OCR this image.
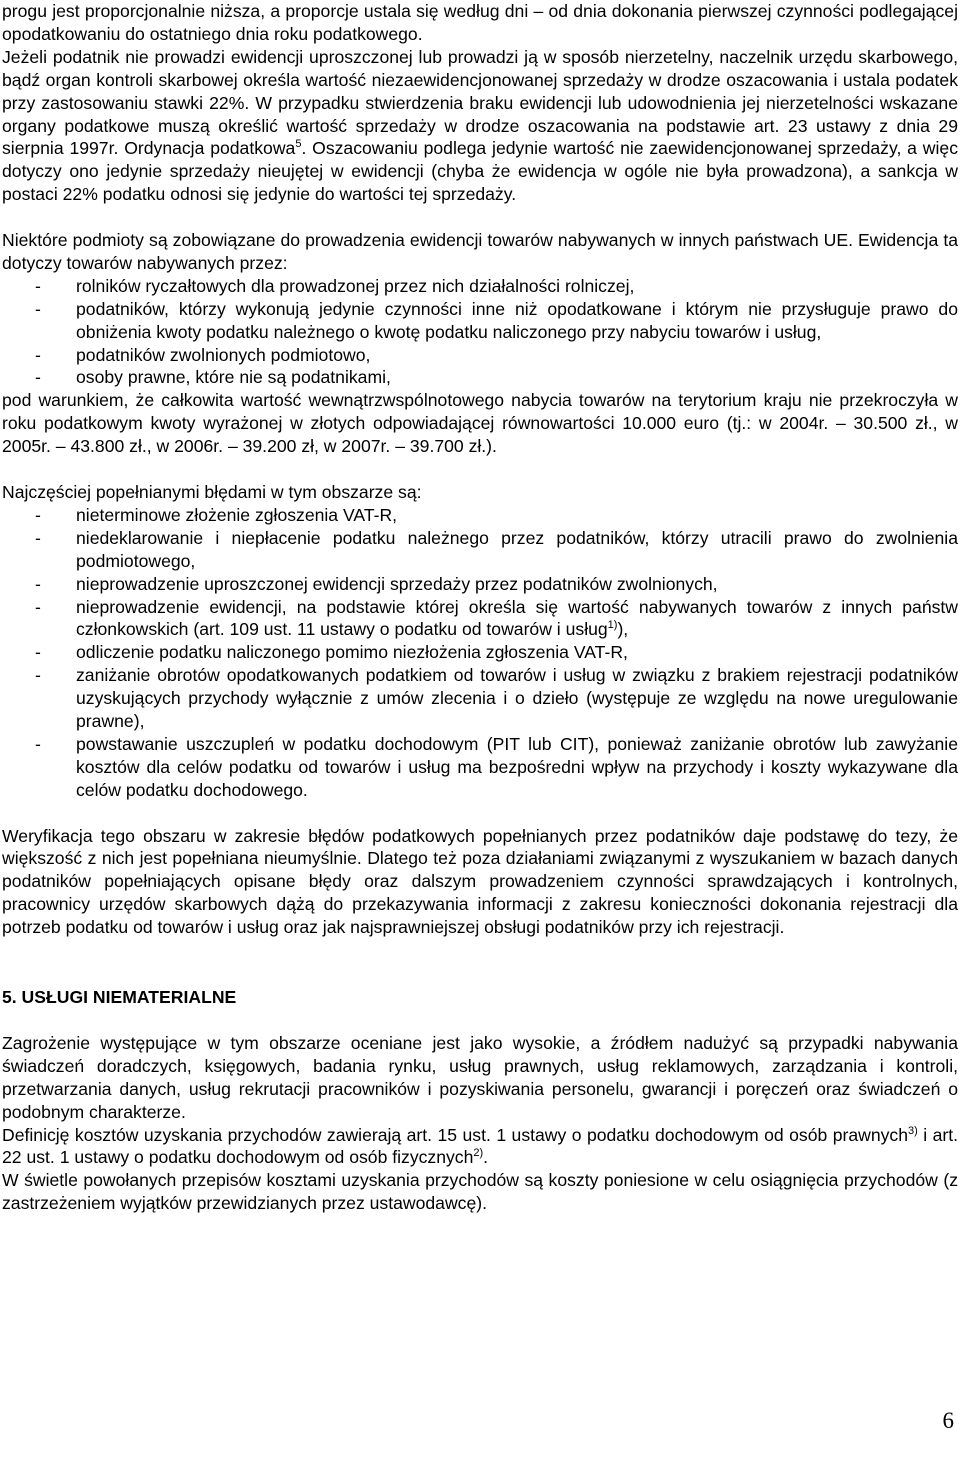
progu jest proporcjonalnie niższa, a proporcje ustala się według dni – od dnia dokonania pierwszej czynności podlegającej opodatkowaniu do ostatniego dnia roku podatkowego.

Jeżeli podatnik nie prowadzi ewidencji uproszczonej lub prowadzi ją w sposób nierzetelny, naczelnik urzędu skarbowego, bądź organ kontroli skarbowej określa wartość niezaewidencjonowanej sprzedaży w drodze oszacowania i ustala podatek przy zastosowaniu stawki 22%. W przypadku stwierdzenia braku ewidencji lub udowodnienia jej nierzetelności wskazane organy podatkowe muszą określić wartość sprzedaży w drodze oszacowania na podstawie art. 23 ustawy z dnia 29 sierpnia 1997r. Ordynacja podatkowa$^5$. Oszacowaniu podlega jedynie wartość nie zaewidencjonowanej sprzedaży, a więc dotyczy ono jedynie sprzedaży nieujętej w ewidencji (chyba że ewidencja w ogóle nie była prowadzona), a sankcja w postaci 22% podatku odnosi się jedynie do wartości tej sprzedaży.

Niektóre podmioty są zobowiązane do prowadzenia ewidencji towarów nabywanych w innych państwach UE. Ewidencja ta dotyczy towarów nabywanych przez:

- rolników ryczałtowych dla prowadzonej przez nich działalności rolniczej,
- podatników, którzy wykonują jedynie czynności inne niż opodatkowane i którym nie przysługuje prawo do obniżenia kwoty podatku należnego o kwotę podatku naliczonego przy nabyciu towarów i usług,
- podatników zwolnionych podmiotowo,
- osoby prawne, które nie są podatnikami,

pod warunkiem, że całkowita wartość wewnątrzwspólnotowego nabycia towarów na terytorium kraju nie przekroczyła w roku podatkowym kwoty wyrażonej w złotych odpowiadającej równowartości 10.000 euro (tj.: w 2004r. – 30.500 zł., w 2005r. – 43.800 zł., w 2006r. – 39.200 zł, w 2007r. – 39.700 zł.).

Najczęściej popełnianymi błędami w tym obszarze są:

- nieterminowe złożenie zgłoszenia VAT-R,
- niedeklarowanie i niepłacenie podatku należnego przez podatników, którzy utracili prawo do zwolnienia podmiotowego,
- nieprowadzenie uproszczonej ewidencji sprzedaży przez podatników zwolnionych,
- nieprowadzenie ewidencji, na podstawie której określa się wartość nabywanych towarów z innych państw członkowskich (art. 109 ust. 11 ustawy o podatku od towarów i usług$^{1)}$),
- odliczenie podatku naliczonego pomimo niezłożenia zgłoszenia VAT-R,
- zaniżanie obrotów opodatkowanych podatkiem od towarów i usług w związku z brakiem rejestracji podatników uzyskujących przychody wyłącznie z umów zlecenia i o dzieło (występuje ze względu na nowe uregulowanie prawne),
- powstawanie uszczupleń w podatku dochodowym (PIT lub CIT), ponieważ zaniżanie obrotów lub zawyżanie kosztów dla celów podatku od towarów i usług ma bezpośredni wpływ na przychody i koszty wykazywane dla celów podatku dochodowego.

Weryfikacja tego obszaru w zakresie błędów podatkowych popełnianych przez podatników daje podstawę do tezy, że większość z nich jest popełniana nieumyślnie. Dlatego też poza działaniami związanymi z wyszukaniem w bazach danych podatników popełniających opisane błędy oraz dalszym prowadzeniem czynności sprawdzających i kontrolnych, pracownicy urzędów skarbowych dążą do przekazywania informacji z zakresu konieczności dokonania rejestracji dla potrzeb podatku od towarów i usług oraz jak najsprawniejszej obsługi podatników przy ich rejestracji.

5. USŁUGI NIEMATERIALNE

Zagrożenie występujące w tym obszarze oceniane jest jako wysokie, a źródłem nadużyć są przypadki nabywania świadczeń doradczych, księgowych, badania rynku, usług prawnych, usług reklamowych, zarządzania i kontroli, przetwarzania danych, usług rekrutacji pracowników i pozyskiwania personelu, gwarancji i poręczeń oraz świadczeń o podobnym charakterze.

Definicję kosztów uzyskania przychodów zawierają art. 15 ust. 1 ustawy o podatku dochodowym od osób prawnych$^{3)}$ i art. 22 ust. 1 ustawy o podatku dochodowym od osób fizycznych$^{2)}$.

W świetle powołanych przepisów kosztami uzyskania przychodów są koszty poniesione w celu osiągnięcia przychodów (z zastrzeżeniem wyjątków przewidzianych przez ustawodawcę).

6
